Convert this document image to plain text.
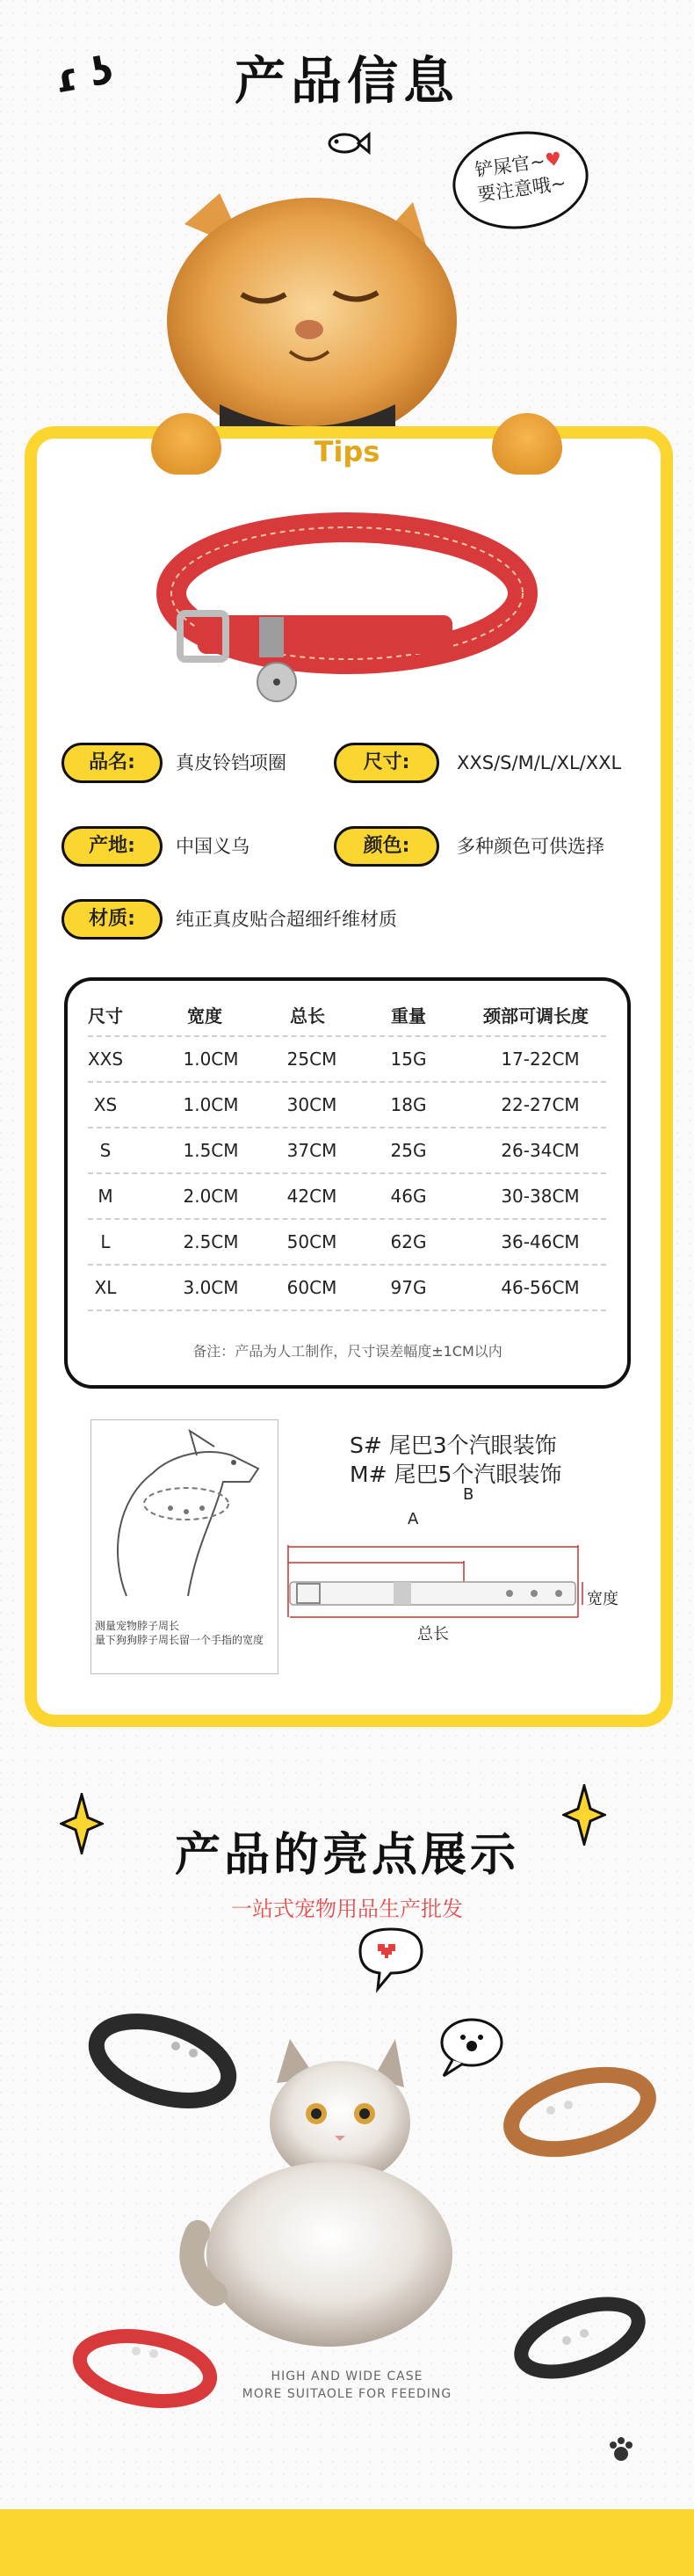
ɾ ʖ	产品信息
铲屎官~♥
要注意哦~
Tips
品名:	真皮铃铛项圈	尺寸:	XXS/S/M/L/XL/XXL
产地:	中国义乌	颜色:	多种颜色可供选择
材质:	纯正真皮贴合超细纤维材质
尺寸	宽度	总长	重量	颈部可调长度
XXS	1.0CM	25CM	15G	17-22CM
XS	1.0CM	30CM	18G	22-27CM
S	1.5CM	37CM	25G	26-34CM
M	2.0CM	42CM	46G	30-38CM
L	2.5CM	50CM	62G	36-46CM
XL	3.0CM	60CM	97G	46-56CM
备注：产品为人工制作，尺寸误差幅度±1CM以内
测量宠物脖子周长
量下狗狗脖子周长留一个手指的宽度
S# 尾巴3个汽眼装饰
M# 尾巴5个汽眼装饰
A
B
宽度
总长
产品的亮点展示
一站式宠物用品生产批发
HIGH AND WIDE CASE
MORE SUITAOLE FOR FEEDING
